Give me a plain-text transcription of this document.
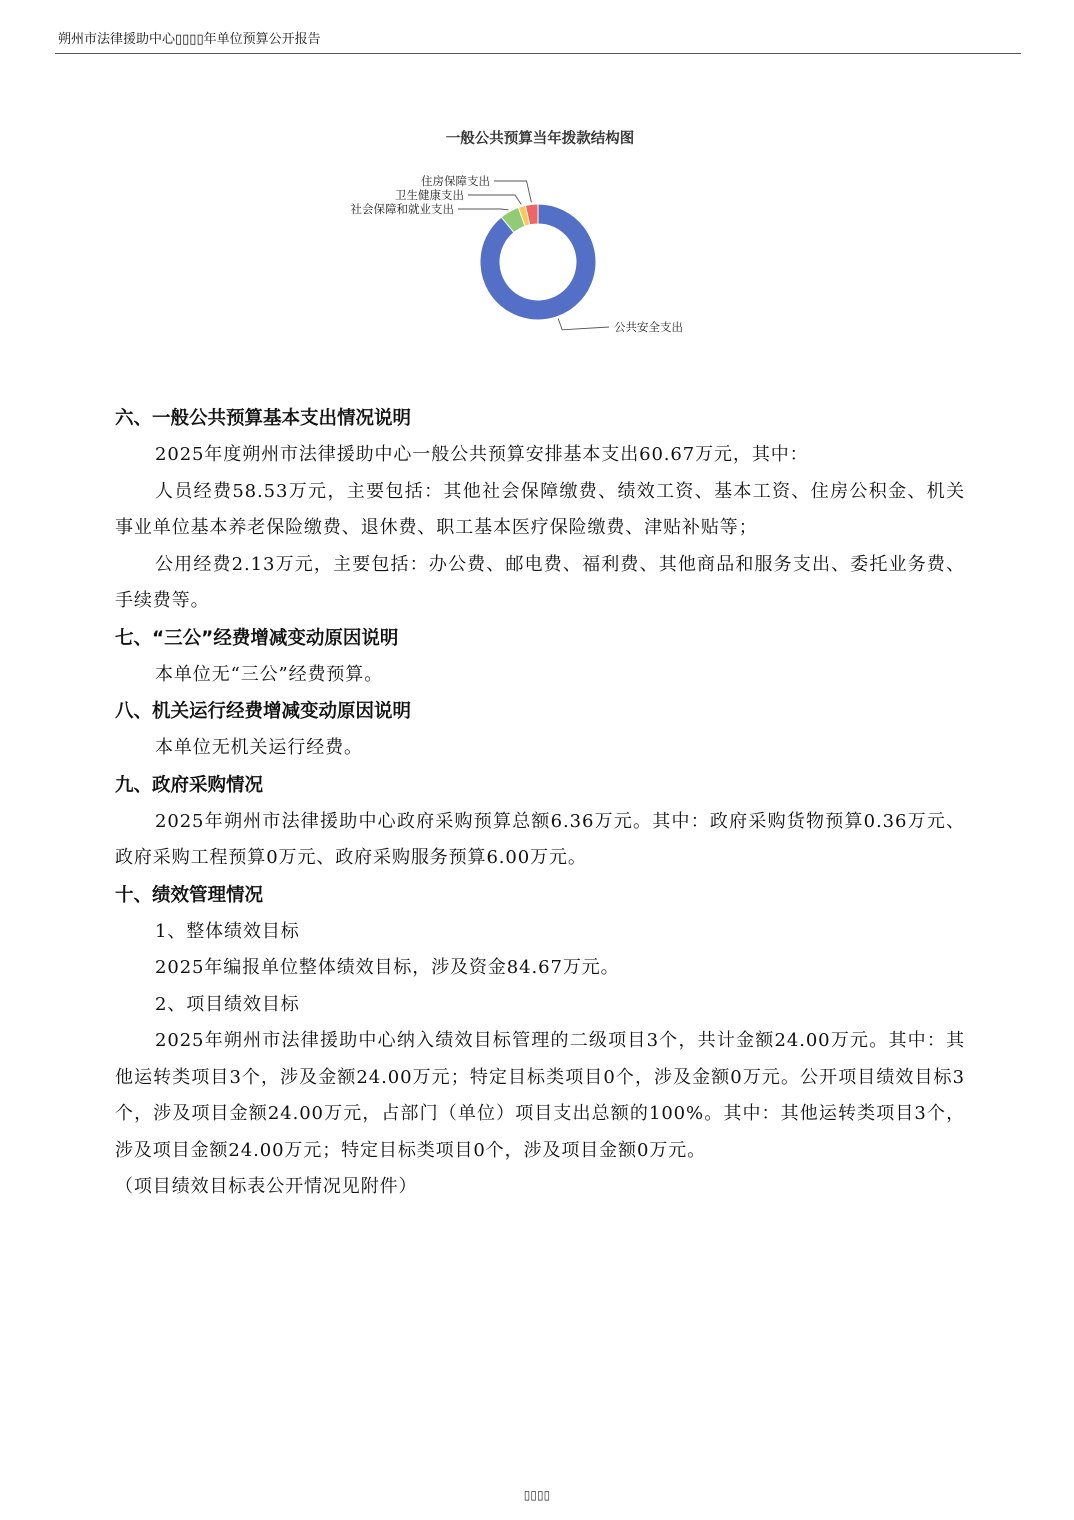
朔州市法律援助中心▯▯▯▯年单位预算公开报告
一般公共预算当年拨款结构图
公共安全支出
社会保障和就业支出
卫生健康支出
住房保障支出
六、一般公共预算基本支出情况说明

2025年度朔州市法律援助中心一般公共预算安排基本支出60.67万元，其中：

人员经费58.53万元，主要包括：其他社会保障缴费、绩效工资、基本工资、住房公积金、机关事业单位基本养老保险缴费、退休费、职工基本医疗保险缴费、津贴补贴等；

公用经费2.13万元，主要包括：办公费、邮电费、福利费、其他商品和服务支出、委托业务费、手续费等。

七、“三公”经费增减变动原因说明

本单位无“三公”经费预算。

八、机关运行经费增减变动原因说明

本单位无机关运行经费。

九、政府采购情况

2025年朔州市法律援助中心政府采购预算总额6.36万元。其中：政府采购货物预算0.36万元、政府采购工程预算0万元、政府采购服务预算6.00万元。

十、绩效管理情况

1、整体绩效目标

2025年编报单位整体绩效目标，涉及资金84.67万元。

2、项目绩效目标

2025年朔州市法律援助中心纳入绩效目标管理的二级项目3个，共计金额24.00万元。其中：其他运转类项目3个，涉及金额24.00万元；特定目标类项目0个，涉及金额0万元。公开项目绩效目标3个，涉及项目金额24.00万元，占部门（单位）项目支出总额的100%。其中：其他运转类项目3个，涉及项目金额24.00万元；特定目标类项目0个，涉及项目金额0万元。

（项目绩效目标表公开情况见附件）

▯▯▯▯
